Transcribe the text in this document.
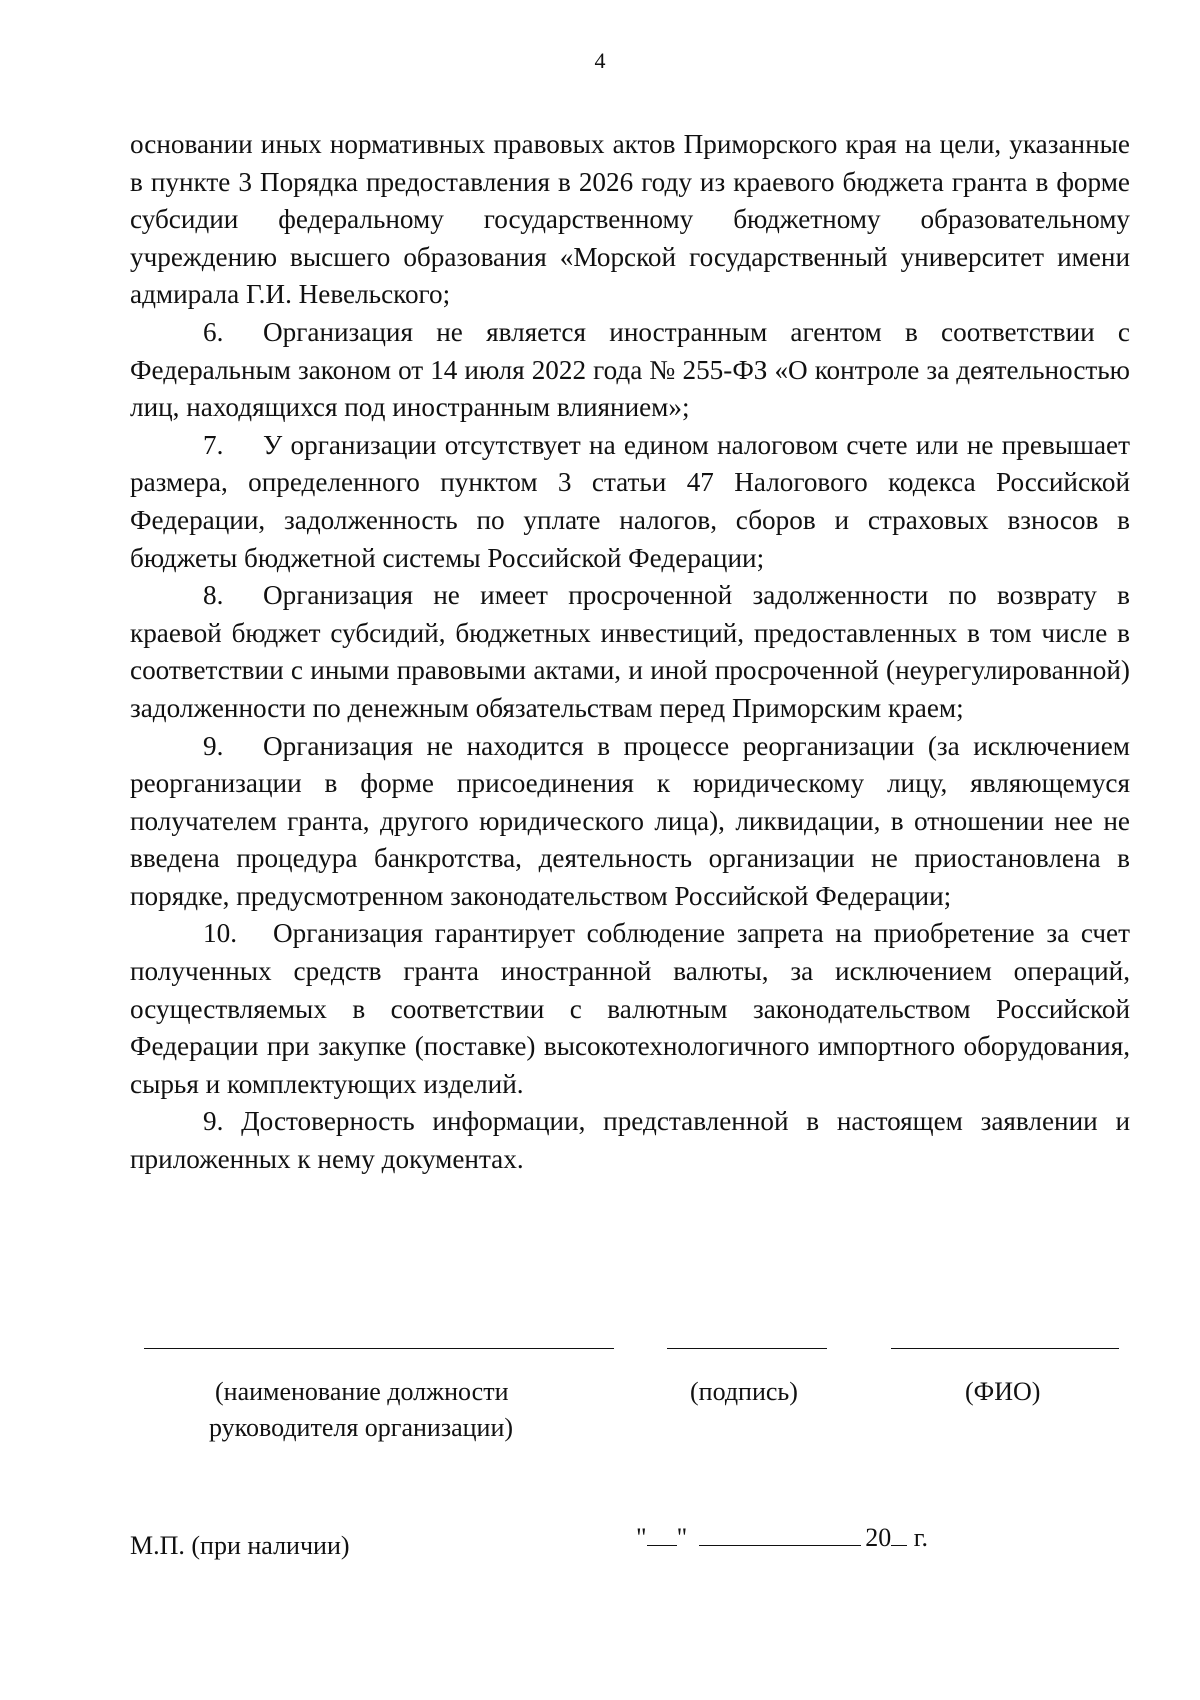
4

основании иных нормативных правовых актов Приморского края на цели, указанные в пункте 3 Порядка предоставления в 2026 году из краевого бюджета гранта в форме субсидии федеральному государственному бюджетному образовательному учреждению высшего образования «Морской государственный университет имени адмирала Г.И. Невельского;

6. Организация не является иностранным агентом в соответствии с Федеральным законом от 14 июля 2022 года № 255-ФЗ «О контроле за деятельностью лиц, находящихся под иностранным влиянием»;

7. У организации отсутствует на едином налоговом счете или не превышает размера, определенного пунктом 3 статьи 47 Налогового кодекса Российской Федерации, задолженность по уплате налогов, сборов и страховых взносов в бюджеты бюджетной системы Российской Федерации;

8. Организация не имеет просроченной задолженности по возврату в краевой бюджет субсидий, бюджетных инвестиций, предоставленных в том числе в соответствии с иными правовыми актами, и иной просроченной (неурегулированной) задолженности по денежным обязательствам перед Приморским краем;

9. Организация не находится в процессе реорганизации (за исключением реорганизации в форме присоединения к юридическому лицу, являющемуся получателем гранта, другого юридического лица), ликвидации, в отношении нее не введена процедура банкротства, деятельность организации не приостановлена в порядке, предусмотренном законодательством Российской Федерации;

10. Организация гарантирует соблюдение запрета на приобретение за счет полученных средств гранта иностранной валюты, за исключением операций, осуществляемых в соответствии с валютным законодательством Российской Федерации при закупке (поставке) высокотехнологичного импортного оборудования, сырья и комплектующих изделий.

9. Достоверность информации, представленной в настоящем заявлении и приложенных к нему документах.

(наименование должности
руководителя организации)
(подпись)	(ФИО)
М.П. (при наличии)	" "	20 г.
